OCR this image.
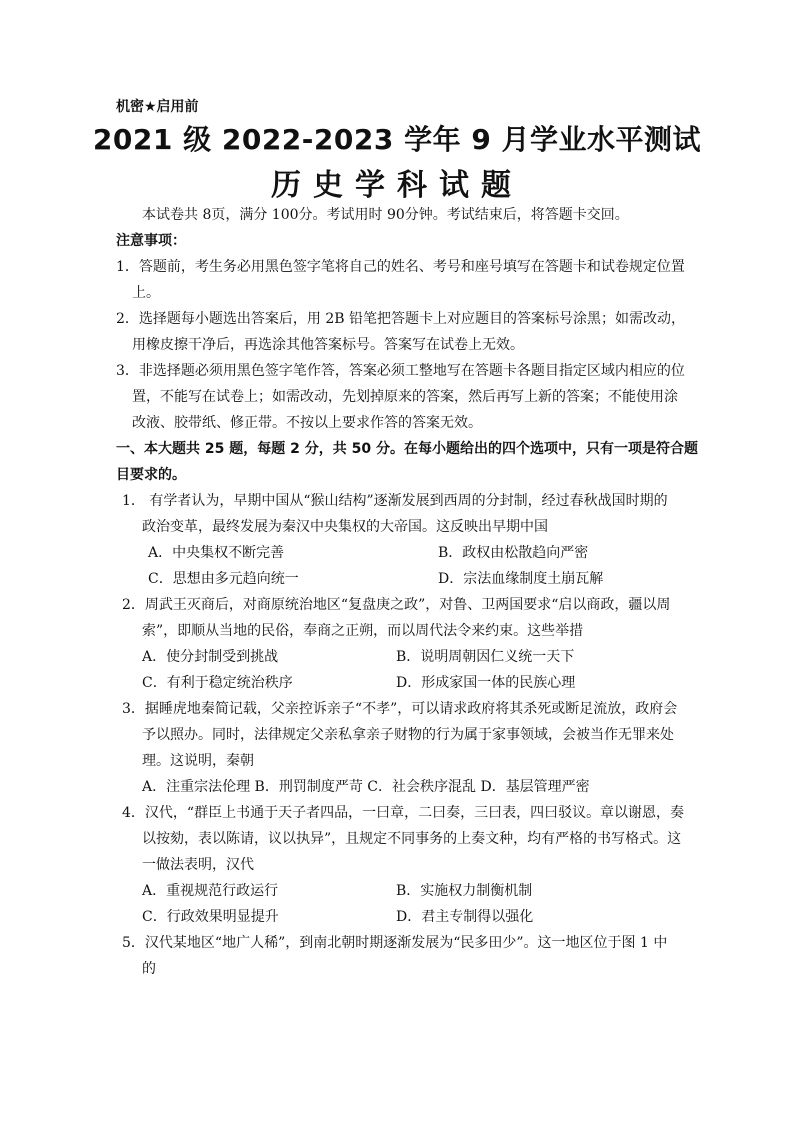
机密★启用前
2021 级 2022-2023 学年 9 月学业水平测试
历史学科试题
本试卷共 8页，满分 100分。考试用时 90分钟。考试结束后，将答题卡交回。
注意事项：
1．答题前，考生务必用黑色签字笔将自己的姓名、考号和座号填写在答题卡和试卷规定位置
上。
2．选择题每小题选出答案后，用 2B 铅笔把答题卡上对应题目的答案标号涂黑；如需改动，
用橡皮擦干净后，再选涂其他答案标号。答案写在试卷上无效。
3．非选择题必须用黑色签字笔作答，答案必须工整地写在答题卡各题目指定区域内相应的位
置，不能写在试卷上；如需改动，先划掉原来的答案，然后再写上新的答案；不能使用涂
改液、胶带纸、修正带。不按以上要求作答的答案无效。
一、本大题共 25 题，每题 2 分，共 50 分。在每小题给出的四个选项中，只有一项是符合题
目要求的。
1． 有学者认为，早期中国从“猴山结构”逐渐发展到西周的分封制，经过春秋战国时期的
政治变革，最终发展为秦汉中央集权的大帝国。这反映出早期中国
A．中央集权不断完善	B．政权由松散趋向严密
C．思想由多元趋向统一	D．宗法血缘制度土崩瓦解
2．周武王灭商后，对商原统治地区“复盘庚之政”，对鲁、卫两国要求“启以商政，疆以周
索”，即顺从当地的民俗，奉商之正朔，而以周代法令来约束。这些举措
A．使分封制受到挑战	B．说明周朝因仁义统一天下
C．有利于稳定统治秩序	D．形成家国一体的民族心理
3．据睡虎地秦简记载，父亲控诉亲子“不孝”，可以请求政府将其杀死或断足流放，政府会
予以照办。同时，法律规定父亲私拿亲子财物的行为属于家事领域，会被当作无罪来处
理。这说明，秦朝
A．注重宗法伦理 B．刑罚制度严苛 C．社会秩序混乱 D．基层管理严密
4．汉代，“群臣上书通于天子者四品，一曰章，二曰奏，三曰表，四曰驳议。章以谢恩，奏
以按劾，表以陈请，议以执异”，且规定不同事务的上奏文种，均有严格的书写格式。这
一做法表明，汉代
A．重视规范行政运行	B．实施权力制衡机制
C．行政效果明显提升	D．君主专制得以强化
5．汉代某地区“地广人稀”，到南北朝时期逐渐发展为“民多田少”。这一地区位于图 1 中
的
